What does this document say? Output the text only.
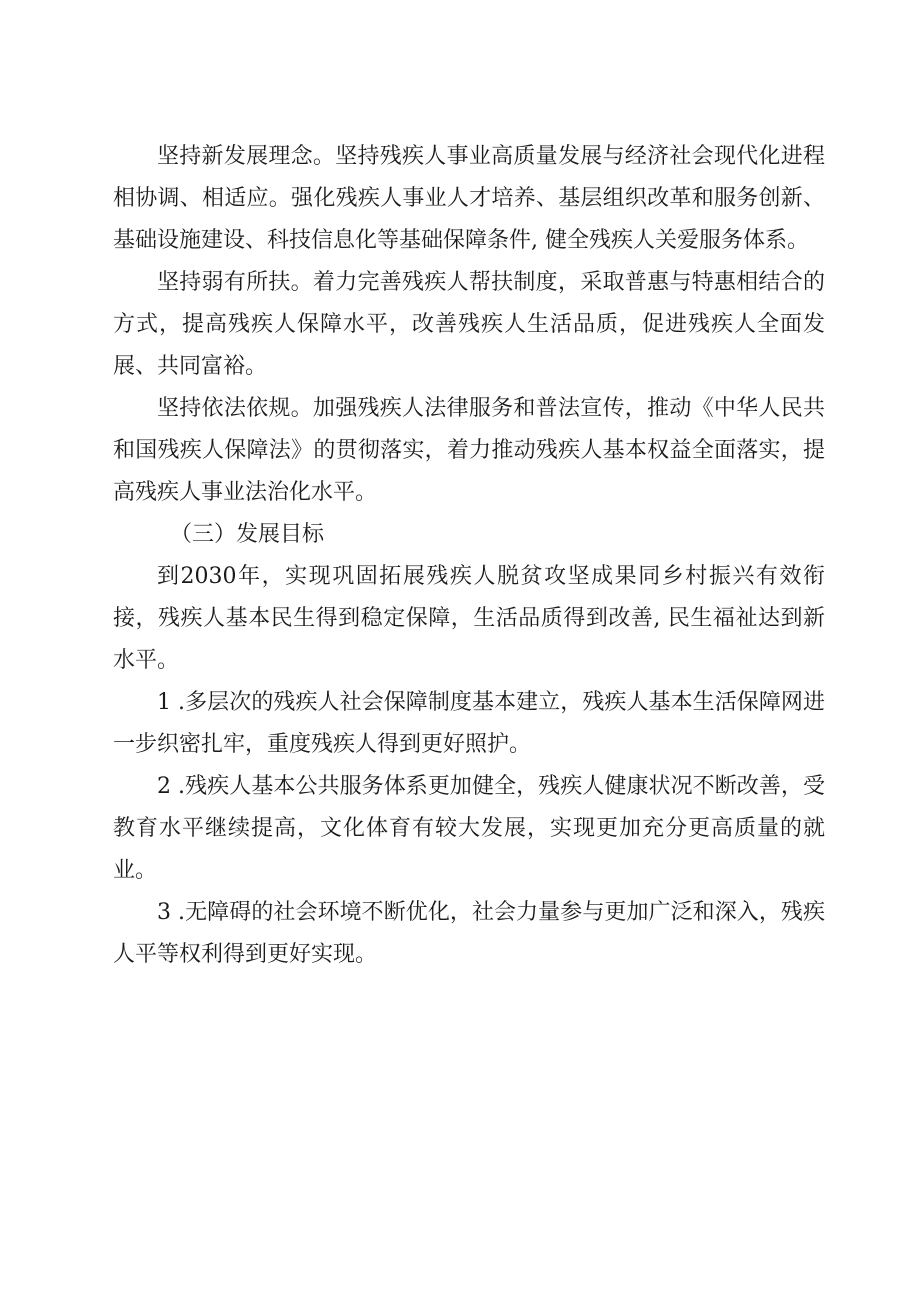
坚持新发展理念。坚持残疾人事业高质量发展与经济社会现代化进程相协调、相适应。强化残疾人事业人才培养、基层组织改革和服务创新、基础设施建设、科技信息化等基础保障条件, 健全残疾人关爱服务体系。

坚持弱有所扶。着力完善残疾人帮扶制度，采取普惠与特惠相结合的方式，提高残疾人保障水平，改善残疾人生活品质，促进残疾人全面发展、共同富裕。

坚持依法依规。加强残疾人法律服务和普法宣传，推动《中华人民共和国残疾人保障法》的贯彻落实，着力推动残疾人基本权益全面落实，提高残疾人事业法治化水平。

（三）发展目标

到2030年，实现巩固拓展残疾人脱贫攻坚成果同乡村振兴有效衔接，残疾人基本民生得到稳定保障，生活品质得到改善, 民生福祉达到新水平。

1 .多层次的残疾人社会保障制度基本建立，残疾人基本生活保障网进一步织密扎牢，重度残疾人得到更好照护。

2 .残疾人基本公共服务体系更加健全，残疾人健康状况不断改善，受教育水平继续提高，文化体育有较大发展，实现更加充分更高质量的就业。

3 .无障碍的社会环境不断优化，社会力量参与更加广泛和深入，残疾人平等权利得到更好实现。
